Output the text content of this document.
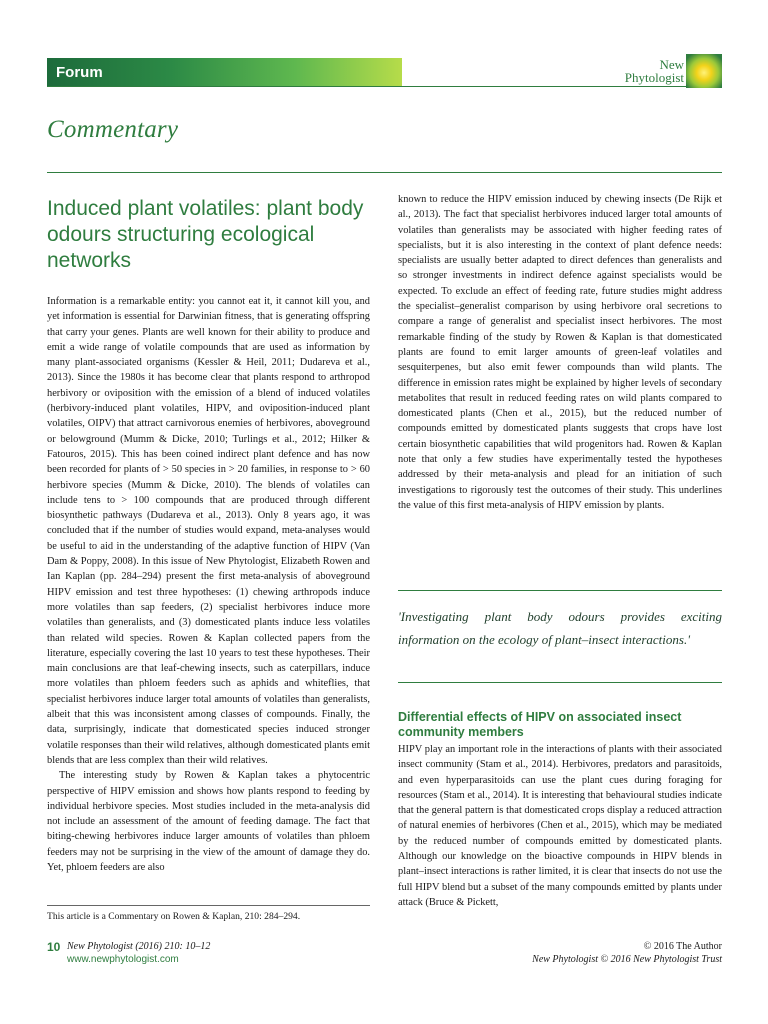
Forum	New
Phytologist
Commentary
Induced plant volatiles: plant body odours structuring ecological networks

Information is a remarkable entity: you cannot eat it, it cannot kill you, and yet information is essential for Darwinian fitness, that is generating offspring that carry your genes. Plants are well known for their ability to produce and emit a wide range of volatile compounds that are used as information by many plant-associated organisms (Kessler & Heil, 2011; Dudareva et al., 2013). Since the 1980s it has become clear that plants respond to arthropod herbivory or oviposition with the emission of a blend of induced volatiles (herbivory-induced plant volatiles, HIPV, and oviposition-induced plant volatiles, OIPV) that attract carnivorous enemies of herbivores, aboveground or belowground (Mumm & Dicke, 2010; Turlings et al., 2012; Hilker & Fatouros, 2015). This has been coined indirect plant defence and has now been recorded for plants of > 50 species in > 20 families, in response to > 60 herbivore species (Mumm & Dicke, 2010). The blends of volatiles can include tens to > 100 compounds that are produced through different biosynthetic pathways (Dudareva et al., 2013). Only 8 years ago, it was concluded that if the number of studies would expand, meta-analyses would be useful to aid in the understanding of the adaptive function of HIPV (Van Dam & Poppy, 2008). In this issue of New Phytologist, Elizabeth Rowen and Ian Kaplan (pp. 284–294) present the first meta-analysis of aboveground HIPV emission and test three hypotheses: (1) chewing arthropods induce more volatiles than sap feeders, (2) specialist herbivores induce more volatiles than generalists, and (3) domesticated plants induce less volatiles than related wild species. Rowen & Kaplan collected papers from the literature, especially covering the last 10 years to test these hypotheses. Their main conclusions are that leaf-chewing insects, such as caterpillars, induce more volatiles than phloem feeders such as aphids and whiteflies, that specialist herbivores induce larger total amounts of volatiles than generalists, albeit that this was inconsistent among classes of compounds. Finally, the data, surprisingly, indicate that domesticated species induced stronger volatile responses than their wild relatives, although domesticated plants emit blends that are less complex than their wild relatives.

The interesting study by Rowen & Kaplan takes a phytocentric perspective of HIPV emission and shows how plants respond to feeding by individual herbivore species. Most studies included in the meta-analysis did not include an assessment of the amount of feeding damage. The fact that biting-chewing herbivores induce larger amounts of volatiles than phloem feeders may not be surprising in the view of the amount of damage they do. Yet, phloem feeders are also

known to reduce the HIPV emission induced by chewing insects (De Rijk et al., 2013). The fact that specialist herbivores induced larger total amounts of volatiles than generalists may be associated with higher feeding rates of specialists, but it is also interesting in the context of plant defence needs: specialists are usually better adapted to direct defences than generalists and so stronger investments in indirect defence against specialists would be expected. To exclude an effect of feeding rate, future studies might address the specialist–generalist comparison by using herbivore oral secretions to compare a range of generalist and specialist insect herbivores. The most remarkable finding of the study by Rowen & Kaplan is that domesticated plants are found to emit larger amounts of green-leaf volatiles and sesquiterpenes, but also emit fewer compounds than wild plants. The difference in emission rates might be explained by higher levels of secondary metabolites that result in reduced feeding rates on wild plants compared to domesticated plants (Chen et al., 2015), but the reduced number of compounds emitted by domesticated plants suggests that crops have lost certain biosynthetic capabilities that wild progenitors had. Rowen & Kaplan note that only a few studies have experimentally tested the hypotheses addressed by their meta-analysis and plead for an initiation of such investigations to rigorously test the outcomes of their study. This underlines the value of this first meta-analysis of HIPV emission by plants.

'Investigating plant body odours provides exciting information on the ecology of plant–insect interactions.'
Differential effects of HIPV on associated insect community members

HIPV play an important role in the interactions of plants with their associated insect community (Stam et al., 2014). Herbivores, predators and parasitoids, and even hyperparasitoids can use the plant cues during foraging for resources (Stam et al., 2014). It is interesting that behavioural studies indicate that the general pattern is that domesticated crops display a reduced attraction of natural enemies of herbivores (Chen et al., 2015), which may be mediated by the reduced number of compounds emitted by domesticated plants. Although our knowledge on the bioactive compounds in HIPV blends in plant–insect interactions is rather limited, it is clear that insects do not use the full HIPV blend but a subset of the many compounds emitted by plants under attack (Bruce & Pickett,

This article is a Commentary on Rowen & Kaplan, 210: 284–294.
10 New Phytologist (2016) 210: 10–12
www.newphytologist.com
© 2016 The Author
New Phytologist © 2016 New Phytologist Trust
